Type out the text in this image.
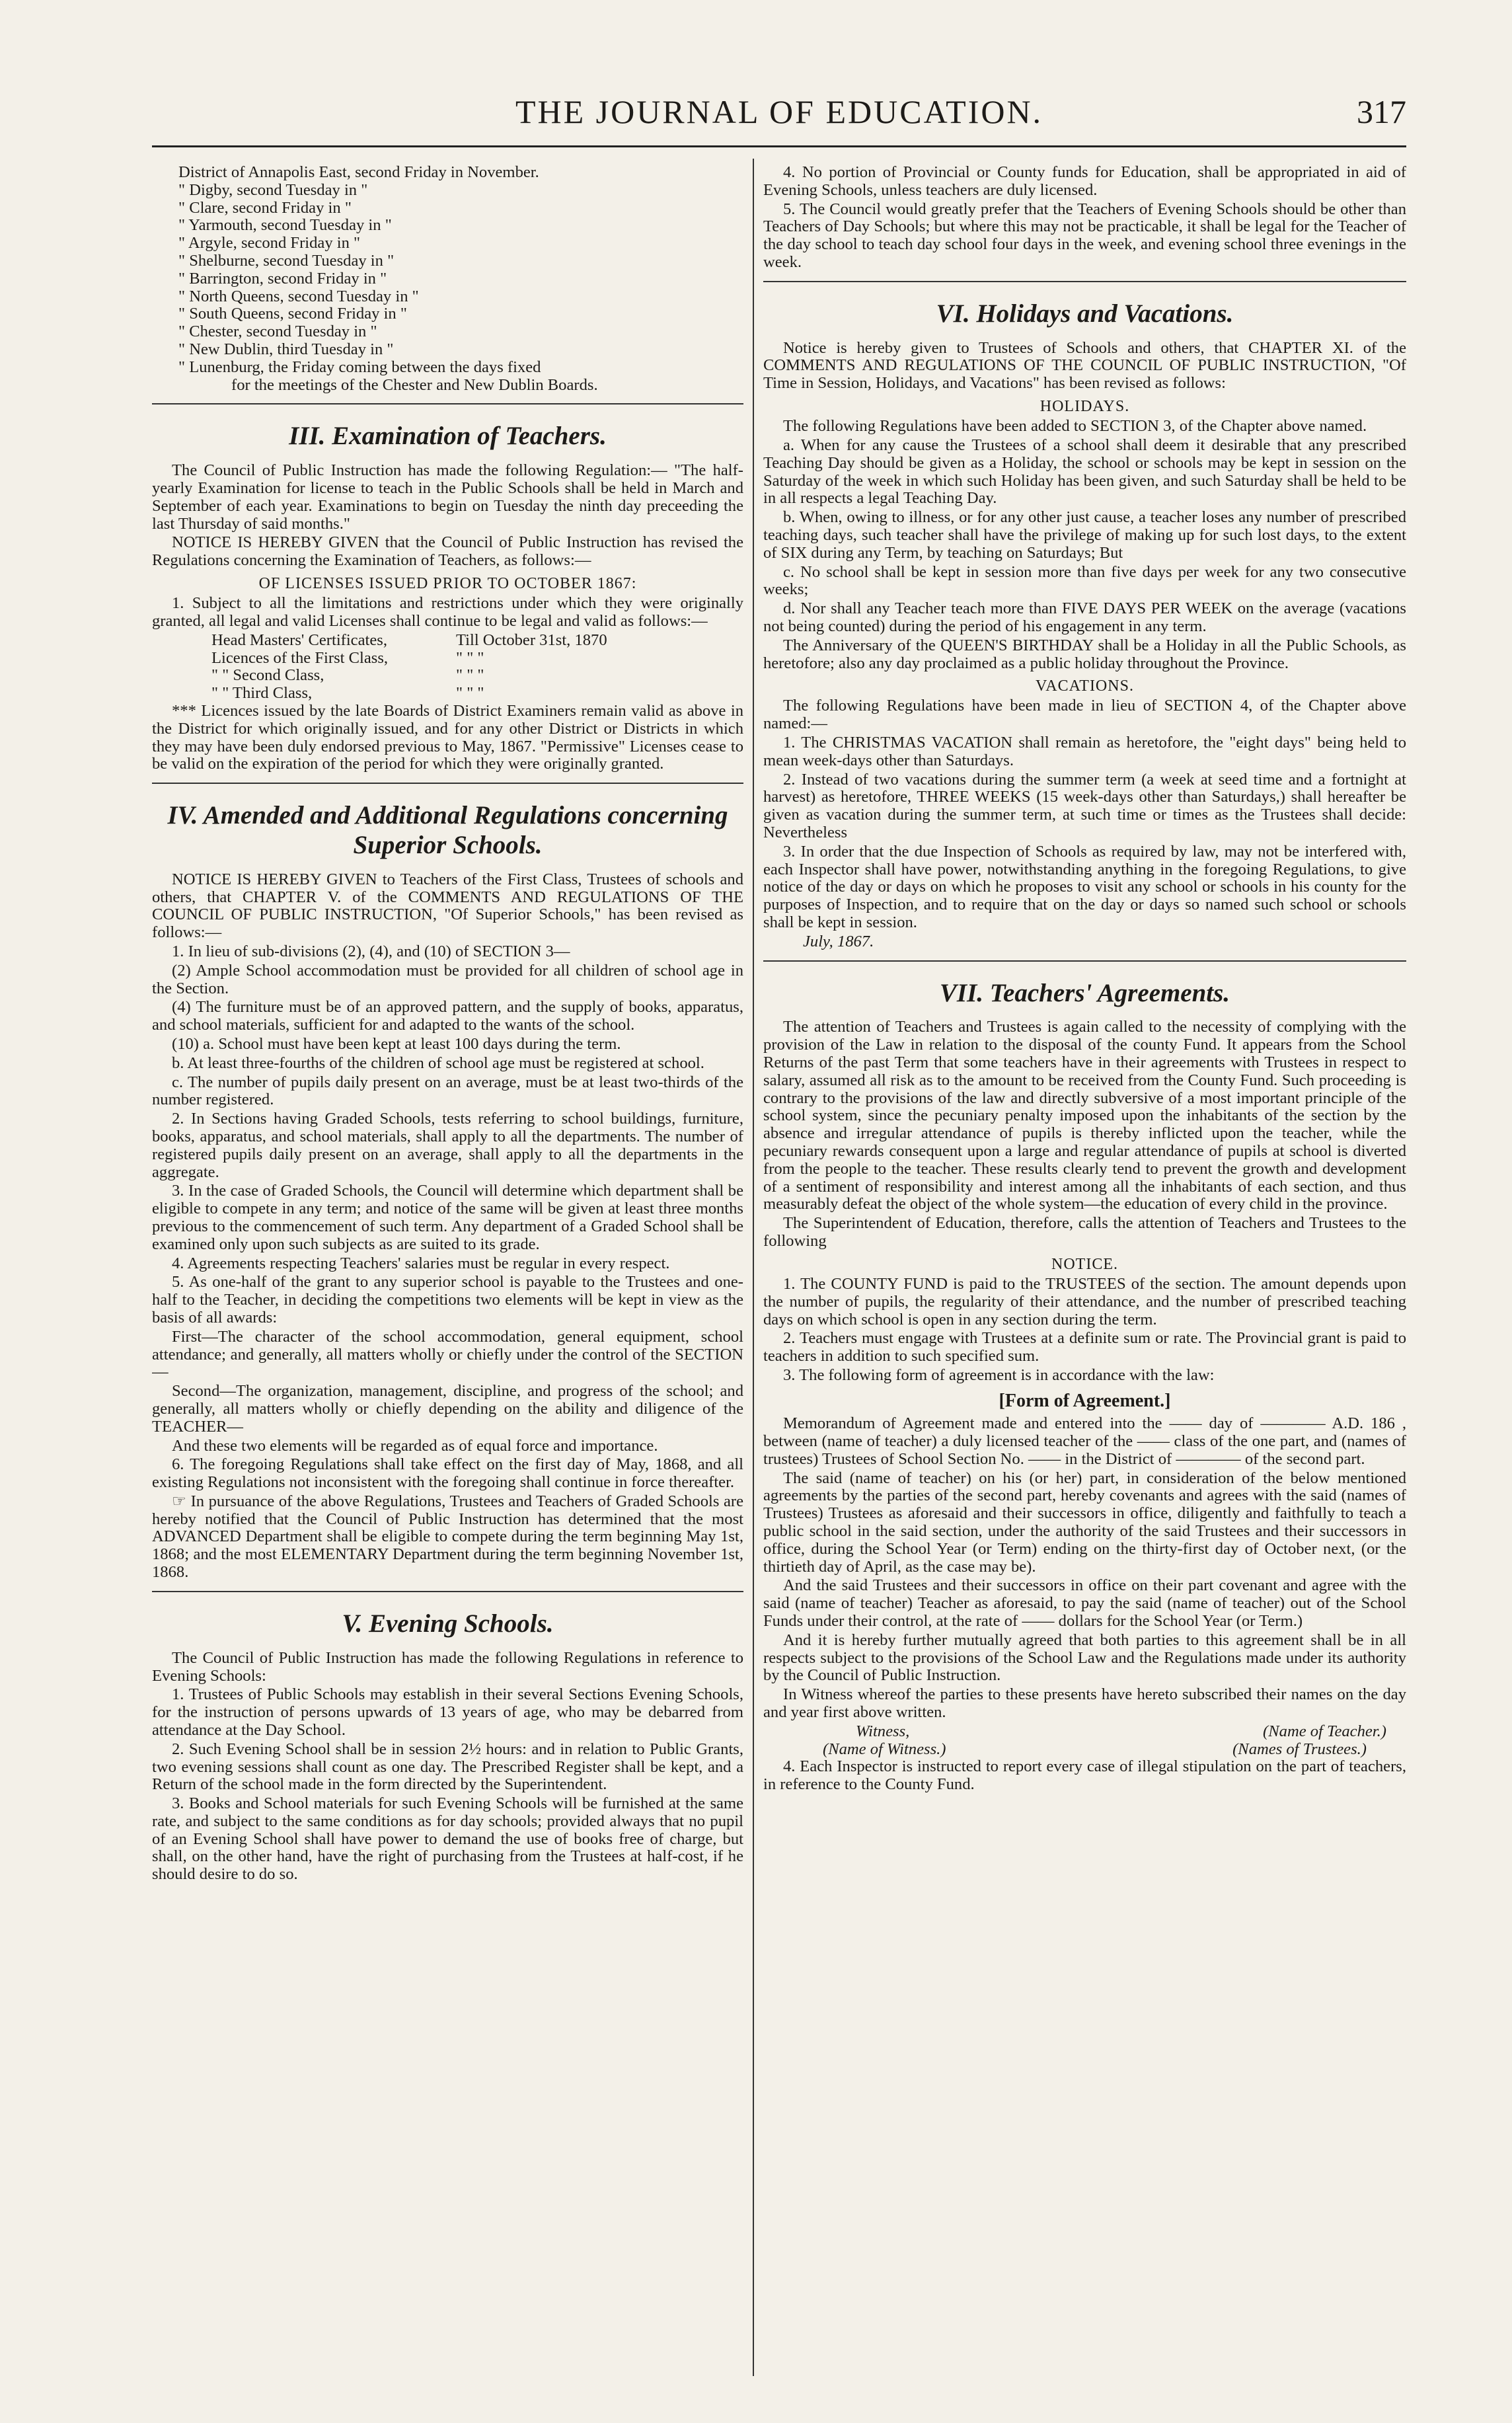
THE JOURNAL OF EDUCATION.	317
District of Annapolis East, second Friday in November.
" Digby, second Tuesday in "
" Clare, second Friday in "
" Yarmouth, second Tuesday in "
" Argyle, second Friday in "
" Shelburne, second Tuesday in "
" Barrington, second Friday in "
" North Queens, second Tuesday in "
" South Queens, second Friday in "
" Chester, second Tuesday in "
" New Dublin, third Tuesday in "
" Lunenburg, the Friday coming between the days fixed
for the meetings of the Chester and New Dublin Boards.
III. Examination of Teachers.

The Council of Public Instruction has made the following Regulation:— "The half-yearly Examination for license to teach in the Public Schools shall be held in March and September of each year. Examinations to begin on Tuesday the ninth day preceeding the last Thursday of said months."

NOTICE IS HEREBY GIVEN that the Council of Public Instruction has revised the Regulations concerning the Examination of Teachers, as follows:—

OF LICENSES ISSUED PRIOR TO OCTOBER 1867:

1. Subject to all the limitations and restrictions under which they were originally granted, all legal and valid Licenses shall continue to be legal and valid as follows:—

Head Masters' Certificates,	Till October 31st, 1870
Licences of the First Class,	" " "
" " Second Class,	" " "
" " Third Class,	" " "

*** Licences issued by the late Boards of District Examiners remain valid as above in the District for which originally issued, and for any other District or Districts in which they may have been duly endorsed previous to May, 1867. "Permissive" Licenses cease to be valid on the expiration of the period for which they were originally granted.

IV. Amended and Additional Regulations concerning Superior Schools.

NOTICE IS HEREBY GIVEN to Teachers of the First Class, Trustees of schools and others, that CHAPTER V. of the COMMENTS AND REGULATIONS OF THE COUNCIL OF PUBLIC INSTRUCTION, "Of Superior Schools," has been revised as follows:—

1. In lieu of sub-divisions (2), (4), and (10) of SECTION 3—

(2) Ample School accommodation must be provided for all children of school age in the Section.

(4) The furniture must be of an approved pattern, and the supply of books, apparatus, and school materials, sufficient for and adapted to the wants of the school.

(10) a. School must have been kept at least 100 days during the term.

b. At least three-fourths of the children of school age must be registered at school.

c. The number of pupils daily present on an average, must be at least two-thirds of the number registered.

2. In Sections having Graded Schools, tests referring to school buildings, furniture, books, apparatus, and school materials, shall apply to all the departments. The number of registered pupils daily present on an average, shall apply to all the departments in the aggregate.

3. In the case of Graded Schools, the Council will determine which department shall be eligible to compete in any term; and notice of the same will be given at least three months previous to the commencement of such term. Any department of a Graded School shall be examined only upon such subjects as are suited to its grade.

4. Agreements respecting Teachers' salaries must be regular in every respect.

5. As one-half of the grant to any superior school is payable to the Trustees and one-half to the Teacher, in deciding the competitions two elements will be kept in view as the basis of all awards:

First—The character of the school accommodation, general equipment, school attendance; and generally, all matters wholly or chiefly under the control of the SECTION—

Second—The organization, management, discipline, and progress of the school; and generally, all matters wholly or chiefly depending on the ability and diligence of the TEACHER—

And these two elements will be regarded as of equal force and importance.

6. The foregoing Regulations shall take effect on the first day of May, 1868, and all existing Regulations not inconsistent with the foregoing shall continue in force thereafter.

☞ In pursuance of the above Regulations, Trustees and Teachers of Graded Schools are hereby notified that the Council of Public Instruction has determined that the most ADVANCED Department shall be eligible to compete during the term beginning May 1st, 1868; and the most ELEMENTARY Department during the term beginning November 1st, 1868.

V. Evening Schools.

The Council of Public Instruction has made the following Regulations in reference to Evening Schools:

1. Trustees of Public Schools may establish in their several Sections Evening Schools, for the instruction of persons upwards of 13 years of age, who may be debarred from attendance at the Day School.

2. Such Evening School shall be in session 2½ hours: and in relation to Public Grants, two evening sessions shall count as one day. The Prescribed Register shall be kept, and a Return of the school made in the form directed by the Superintendent.

3. Books and School materials for such Evening Schools will be furnished at the same rate, and subject to the same conditions as for day schools; provided always that no pupil of an Evening School shall have power to demand the use of books free of charge, but shall, on the other hand, have the right of purchasing from the Trustees at half-cost, if he should desire to do so.

4. No portion of Provincial or County funds for Education, shall be appropriated in aid of Evening Schools, unless teachers are duly licensed.

5. The Council would greatly prefer that the Teachers of Evening Schools should be other than Teachers of Day Schools; but where this may not be practicable, it shall be legal for the Teacher of the day school to teach day school four days in the week, and evening school three evenings in the week.

VI. Holidays and Vacations.

Notice is hereby given to Trustees of Schools and others, that CHAPTER XI. of the COMMENTS AND REGULATIONS OF THE COUNCIL OF PUBLIC INSTRUCTION, "Of Time in Session, Holidays, and Vacations" has been revised as follows:

HOLIDAYS.

The following Regulations have been added to SECTION 3, of the Chapter above named.

a. When for any cause the Trustees of a school shall deem it desirable that any prescribed Teaching Day should be given as a Holiday, the school or schools may be kept in session on the Saturday of the week in which such Holiday has been given, and such Saturday shall be held to be in all respects a legal Teaching Day.

b. When, owing to illness, or for any other just cause, a teacher loses any number of prescribed teaching days, such teacher shall have the privilege of making up for such lost days, to the extent of SIX during any Term, by teaching on Saturdays; But

c. No school shall be kept in session more than five days per week for any two consecutive weeks;

d. Nor shall any Teacher teach more than FIVE DAYS PER WEEK on the average (vacations not being counted) during the period of his engagement in any term.

The Anniversary of the QUEEN'S BIRTHDAY shall be a Holiday in all the Public Schools, as heretofore; also any day proclaimed as a public holiday throughout the Province.

VACATIONS.

The following Regulations have been made in lieu of SECTION 4, of the Chapter above named:—

1. The CHRISTMAS VACATION shall remain as heretofore, the "eight days" being held to mean week-days other than Saturdays.

2. Instead of two vacations during the summer term (a week at seed time and a fortnight at harvest) as heretofore, THREE WEEKS (15 week-days other than Saturdays,) shall hereafter be given as vacation during the summer term, at such time or times as the Trustees shall decide: Nevertheless

3. In order that the due Inspection of Schools as required by law, may not be interfered with, each Inspector shall have power, notwithstanding anything in the foregoing Regulations, to give notice of the day or days on which he proposes to visit any school or schools in his county for the purposes of Inspection, and to require that on the day or days so named such school or schools shall be kept in session.

July, 1867.
VII. Teachers' Agreements.

The attention of Teachers and Trustees is again called to the necessity of complying with the provision of the Law in relation to the disposal of the county Fund. It appears from the School Returns of the past Term that some teachers have in their agreements with Trustees in respect to salary, assumed all risk as to the amount to be received from the County Fund. Such proceeding is contrary to the provisions of the law and directly subversive of a most important principle of the school system, since the pecuniary penalty imposed upon the inhabitants of the section by the absence and irregular attendance of pupils is thereby inflicted upon the teacher, while the pecuniary rewards consequent upon a large and regular attendance of pupils at school is diverted from the people to the teacher. These results clearly tend to prevent the growth and development of a sentiment of responsibility and interest among all the inhabitants of each section, and thus measurably defeat the object of the whole system—the education of every child in the province.

The Superintendent of Education, therefore, calls the attention of Teachers and Trustees to the following

NOTICE.

1. The COUNTY FUND is paid to the TRUSTEES of the section. The amount depends upon the number of pupils, the regularity of their attendance, and the number of prescribed teaching days on which school is open in any section during the term.

2. Teachers must engage with Trustees at a definite sum or rate. The Provincial grant is paid to teachers in addition to such specified sum.

3. The following form of agreement is in accordance with the law:

[Form of Agreement.]

Memorandum of Agreement made and entered into the —— day of ———— A.D. 186 , between (name of teacher) a duly licensed teacher of the —— class of the one part, and (names of trustees) Trustees of School Section No. —— in the District of ———— of the second part.

The said (name of teacher) on his (or her) part, in consideration of the below mentioned agreements by the parties of the second part, hereby covenants and agrees with the said (names of Trustees) Trustees as aforesaid and their successors in office, diligently and faithfully to teach a public school in the said section, under the authority of the said Trustees and their successors in office, during the School Year (or Term) ending on the thirty-first day of October next, (or the thirtieth day of April, as the case may be).

And the said Trustees and their successors in office on their part covenant and agree with the said (name of teacher) Teacher as aforesaid, to pay the said (name of teacher) out of the School Funds under their control, at the rate of —— dollars for the School Year (or Term.)

And it is hereby further mutually agreed that both parties to this agreement shall be in all respects subject to the provisions of the School Law and the Regulations made under its authority by the Council of Public Instruction.

In Witness whereof the parties to these presents have hereto subscribed their names on the day and year first above written.

Witness,	(Name of Teacher.)
(Name of Witness.)	(Names of Trustees.)

4. Each Inspector is instructed to report every case of illegal stipulation on the part of teachers, in reference to the County Fund.
